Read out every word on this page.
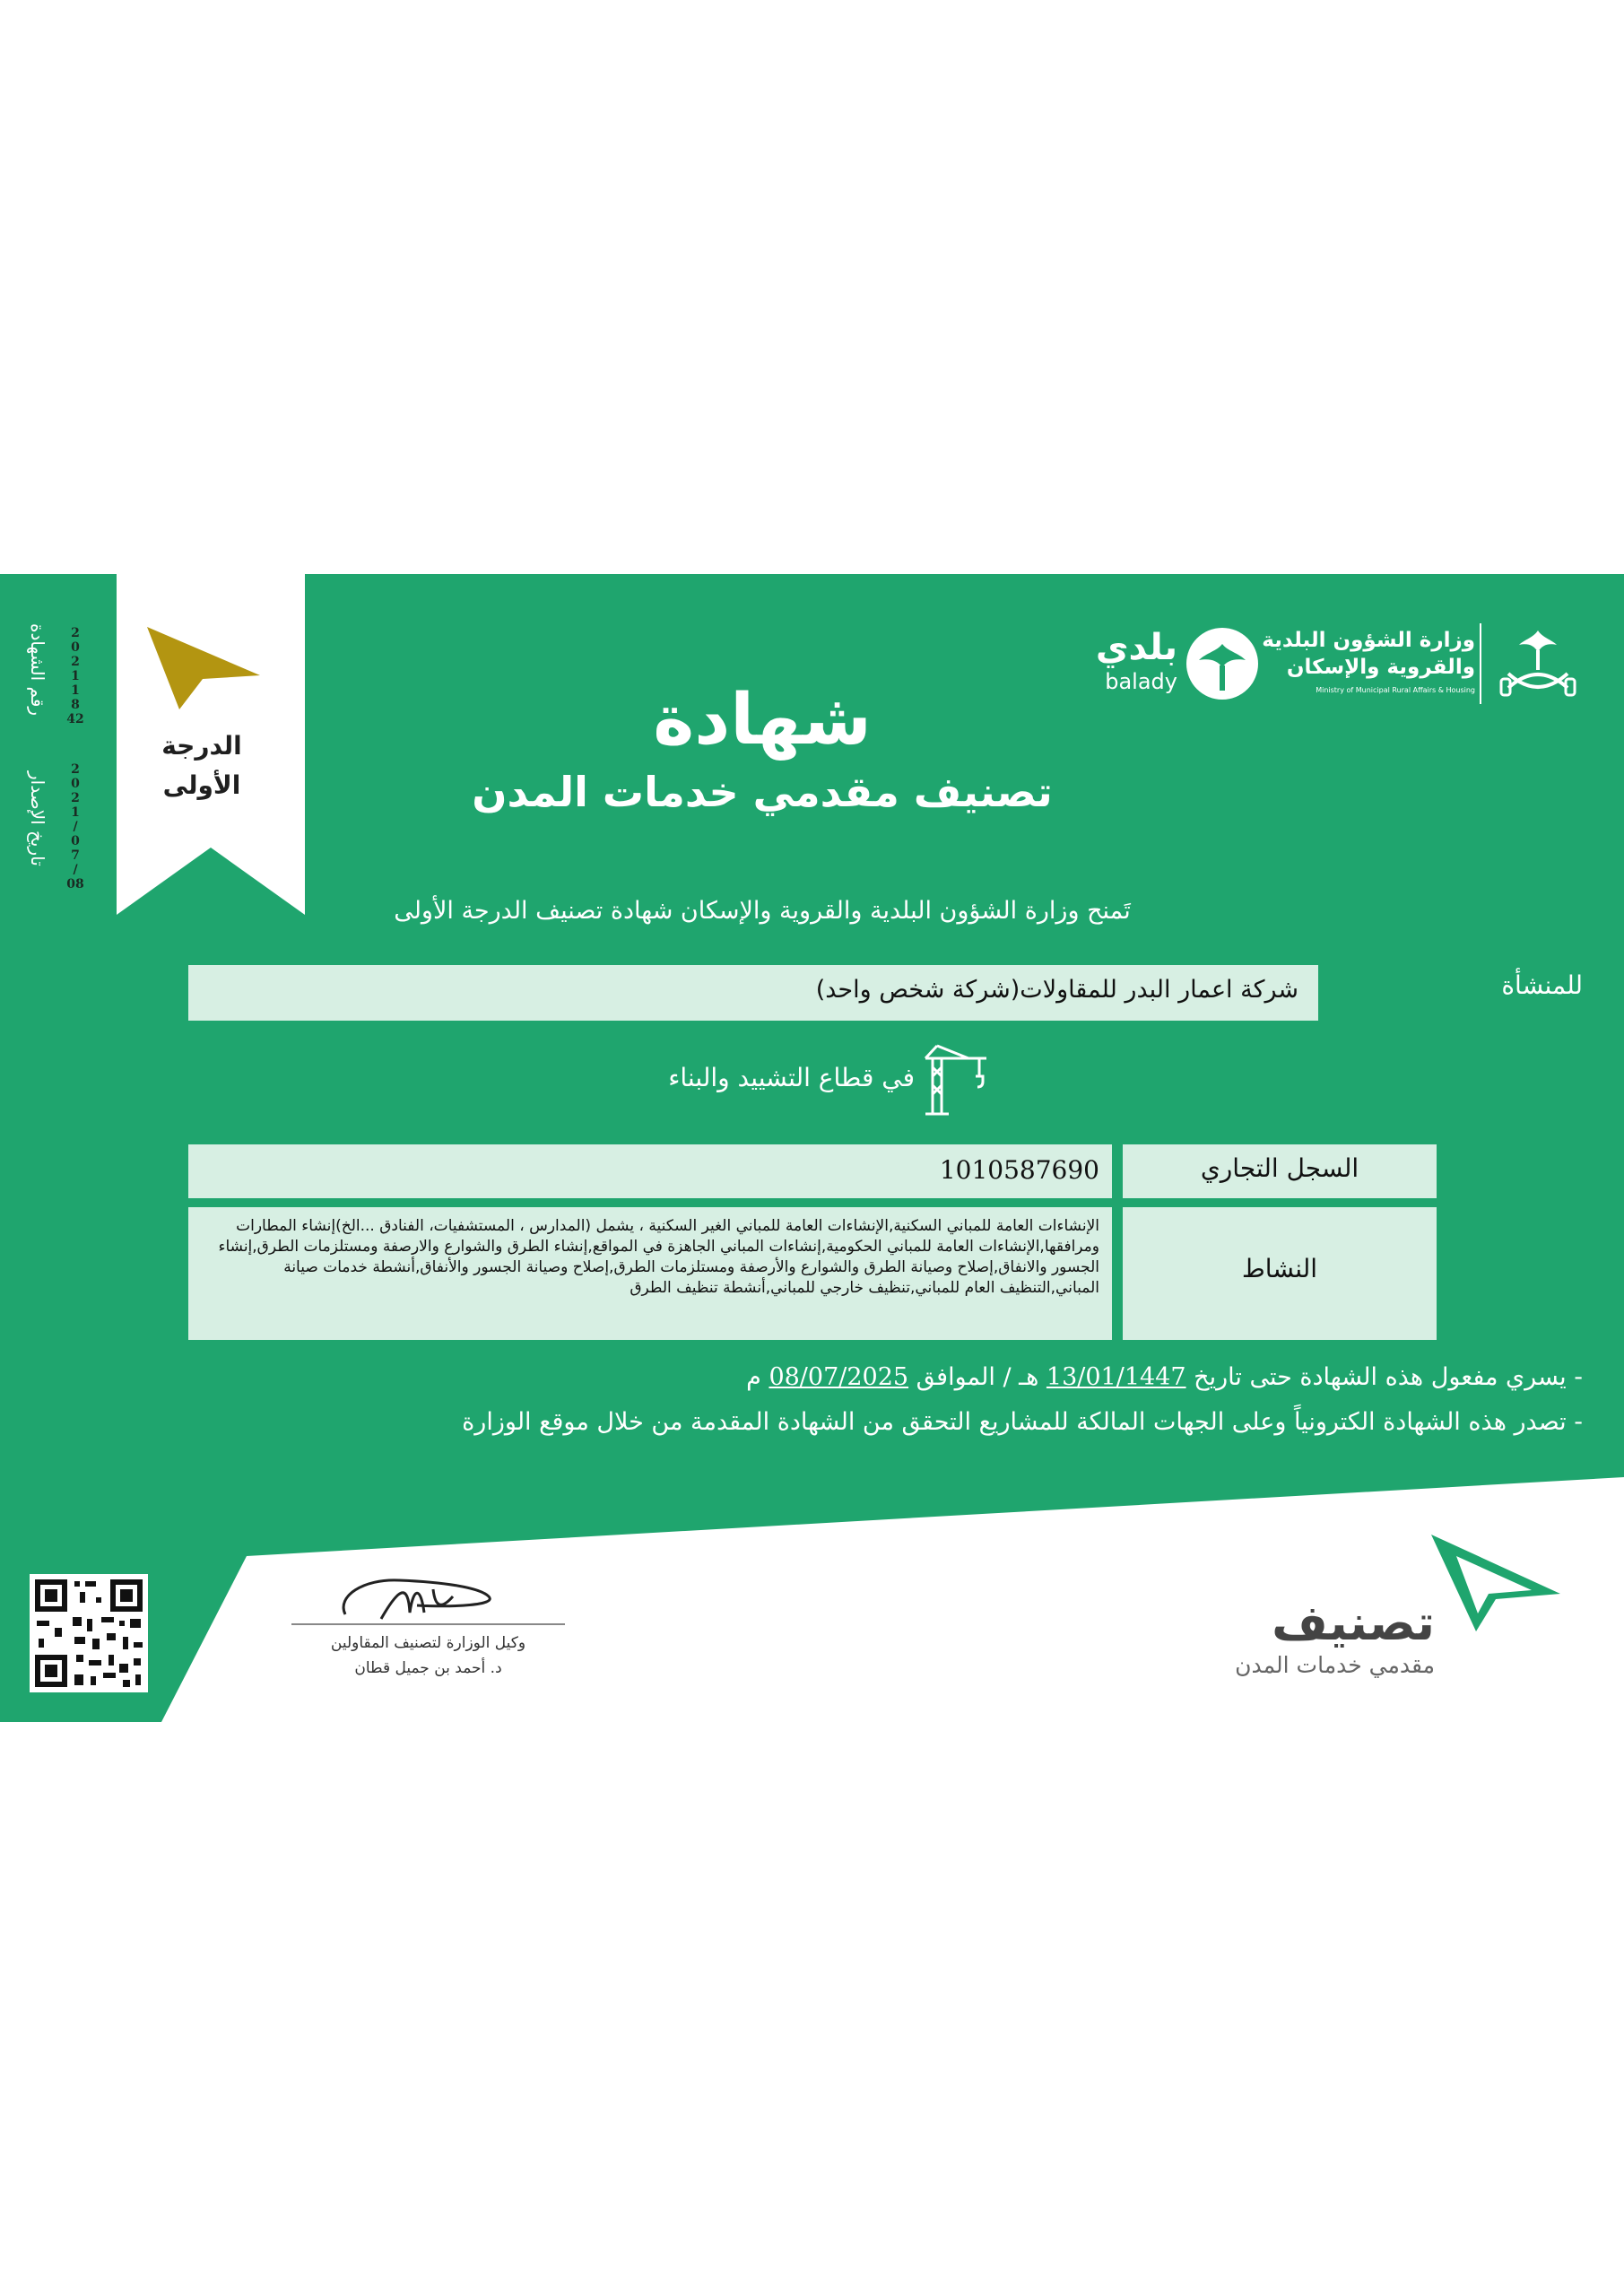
الدرجة
الأولى
رقم الشهادة
تاريخ الإصدار
2
0
2
1
1
8
42
2
0
2
1
/
0
7
/
08
وزارة الشؤون البلدية
والقروية والإسكان
Ministry of Municipal Rural Affairs & Housing
بلدي
balady
شهادة
تصنيف مقدمي خدمات المدن
تَمنح وزارة الشؤون البلدية والقروية والإسكان شهادة تصنيف الدرجة الأولى
للمنشأة
شركة اعمار البدر للمقاولات(شركة شخص واحد)
في قطاع التشييد والبناء
السجل التجاري
1010587690
النشاط
الإنشاءات العامة للمباني السكنية,الإنشاءات العامة للمباني الغير السكنية ، يشمل (المدارس ، المستشفيات، الفنادق ...الخ)إنشاء المطارات ومرافقها,الإنشاءات العامة للمباني الحكومية,إنشاءات المباني الجاهزة في المواقع,إنشاء الطرق والشوارع والارصفة ومستلزمات الطرق,إنشاء الجسور والانفاق,إصلاح وصيانة الطرق والشوارع والأرصفة ومستلزمات الطرق,إصلاح وصيانة الجسور والأنفاق,أنشطة خدمات صيانة المباني,التنظيف العام للمباني,تنظيف خارجي للمباني,أنشطة تنظيف الطرق
- يسري مفعول هذه الشهادة حتى تاريخ 13/01/1447 هـ / الموافق 08/07/2025 م
- تصدر هذه الشهادة الكترونياً وعلى الجهات المالكة للمشاريع التحقق من الشهادة المقدمة من خلال موقع الوزارة
وكيل الوزارة لتصنيف المقاولين
د. أحمد بن جميل قطان
تصنيف
مقدمي خدمات المدن
